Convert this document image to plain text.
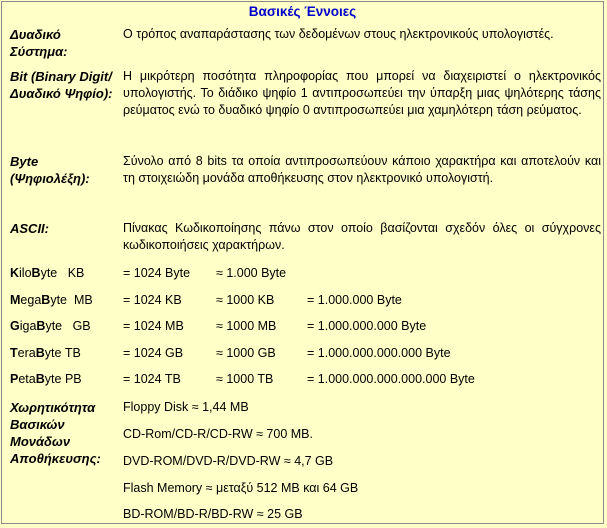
Βασικές Έννοιες
Δυαδικό Σύστημα:
Ο τρόπος αναπαράστασης των δεδομένων στους ηλεκτρονικούς υπολογιστές.
Bit (Binary Digit/Δυαδικό Ψηφίο):
Η μικρότερη ποσότητα πληροφορίας που μπορεί να διαχειριστεί ο ηλεκτρονικός υπολογιστής. Το διάδικο ψηφίο 1 αντιπροσωπεύει την ύπαρξη μιας ψηλότερης τάσης ρεύματος ενώ το δυαδικό ψηφίο 0 αντιπροσωπεύει μια χαμηλότερη τάση ρεύματος.
Byte (Ψηφιολέξη):
Σύνολο από 8 bits τα οποία αντιπροσωπεύουν κάποιο χαρακτήρα και αποτελούν και τη στοιχειώδη μονάδα αποθήκευσης στον ηλεκτρονικό υπολογιστή.
ASCII:	Πίνακας Κωδικοποίησης πάνω στον οποίο βασίζονται σχεδόν όλες οι σύγχρονες κωδικοποιήσεις χαρακτήρων.
KiloByte KB	= 1024 Byte ≈ 1.000 Byte
MegaByte MB = 1024 KB	≈ 1000 KB	= 1.000.000 Byte
GigaByte GB	= 1024 MB	≈ 1000 MB = 1.000.000.000 Byte
TeraByte TB	= 1024 GB	≈ 1000 GB	= 1.000.000.000.000 Byte
PetaByte PB	= 1024 TB	≈ 1000 TB	= 1.000.000.000.000.000 Byte
Χωρητικότητα Βασικών Μονάδων Αποθήκευσης:
Floppy Disk ≈ 1,44 MB
CD-Rom/CD-R/CD-RW ≈ 700 MB.
DVD-ROM/DVD-R/DVD-RW ≈ 4,7 GB
Flash Memory ≈ μεταξύ 512 MB και 64 GB
BD-ROM/BD-R/BD-RW ≈ 25 GB
